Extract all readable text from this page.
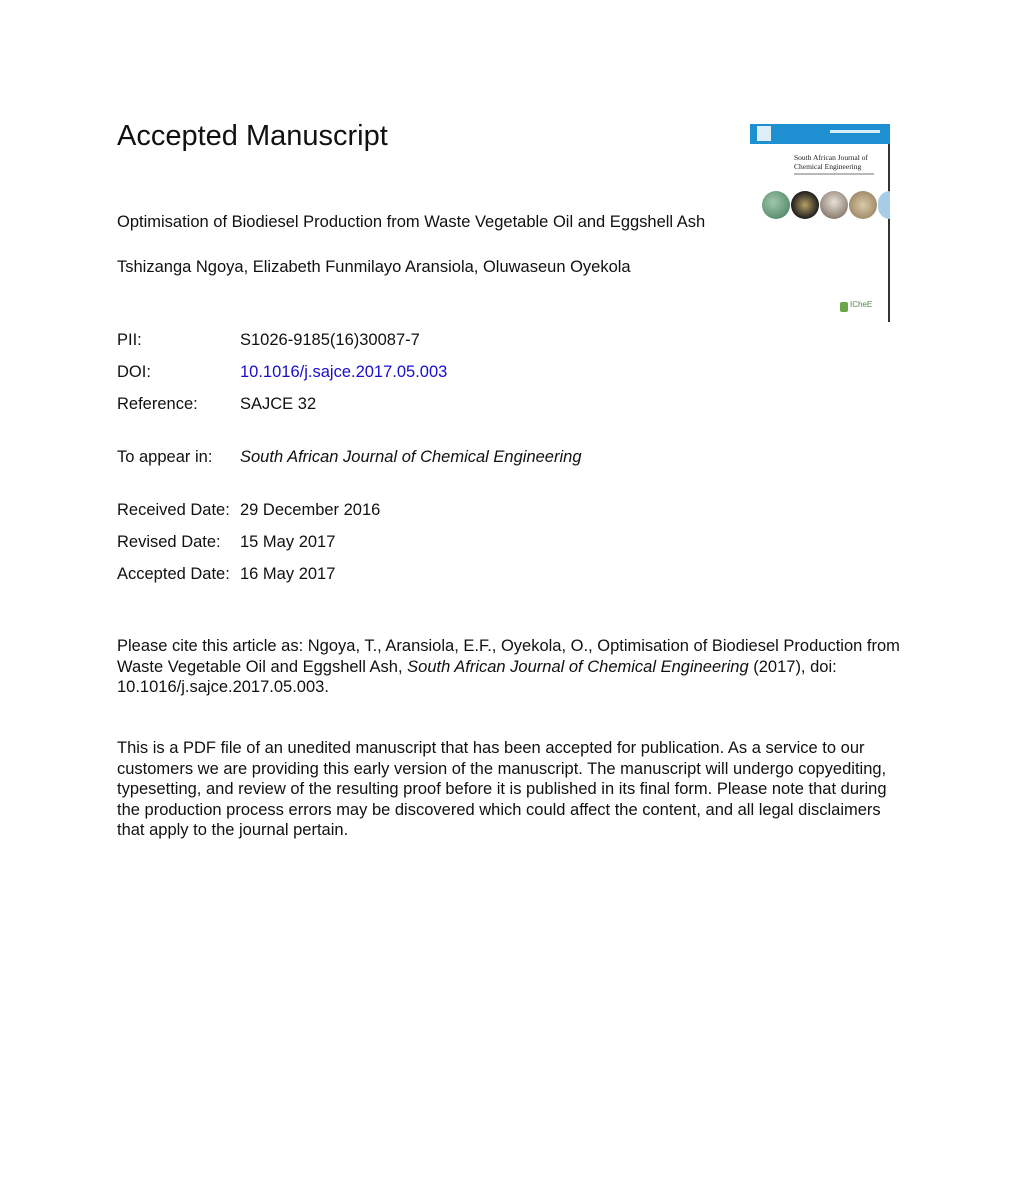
Accepted Manuscript
Optimisation of Biodiesel Production from Waste Vegetable Oil and Eggshell Ash
Tshizanga Ngoya, Elizabeth Funmilayo Aransiola, Oluwaseun Oyekola
PII:	S1026-9185(16)30087-7
DOI:	10.1016/j.sajce.2017.05.003
Reference:	SAJCE 32
To appear in: South African Journal of Chemical Engineering
Received Date: 29 December 2016
Revised Date: 15 May 2017
Accepted Date: 16 May 2017
Please cite this article as: Ngoya, T., Aransiola, E.F., Oyekola, O., Optimisation of Biodiesel Production from Waste Vegetable Oil and Eggshell Ash, South African Journal of Chemical Engineering (2017), doi: 10.1016/j.sajce.2017.05.003.
This is a PDF file of an unedited manuscript that has been accepted for publication. As a service to our customers we are providing this early version of the manuscript. The manuscript will undergo copyediting, typesetting, and review of the resulting proof before it is published in its final form. Please note that during the production process errors may be discovered which could affect the content, and all legal disclaimers that apply to the journal pertain.
South African Journal of Chemical Engineering
ICheE
